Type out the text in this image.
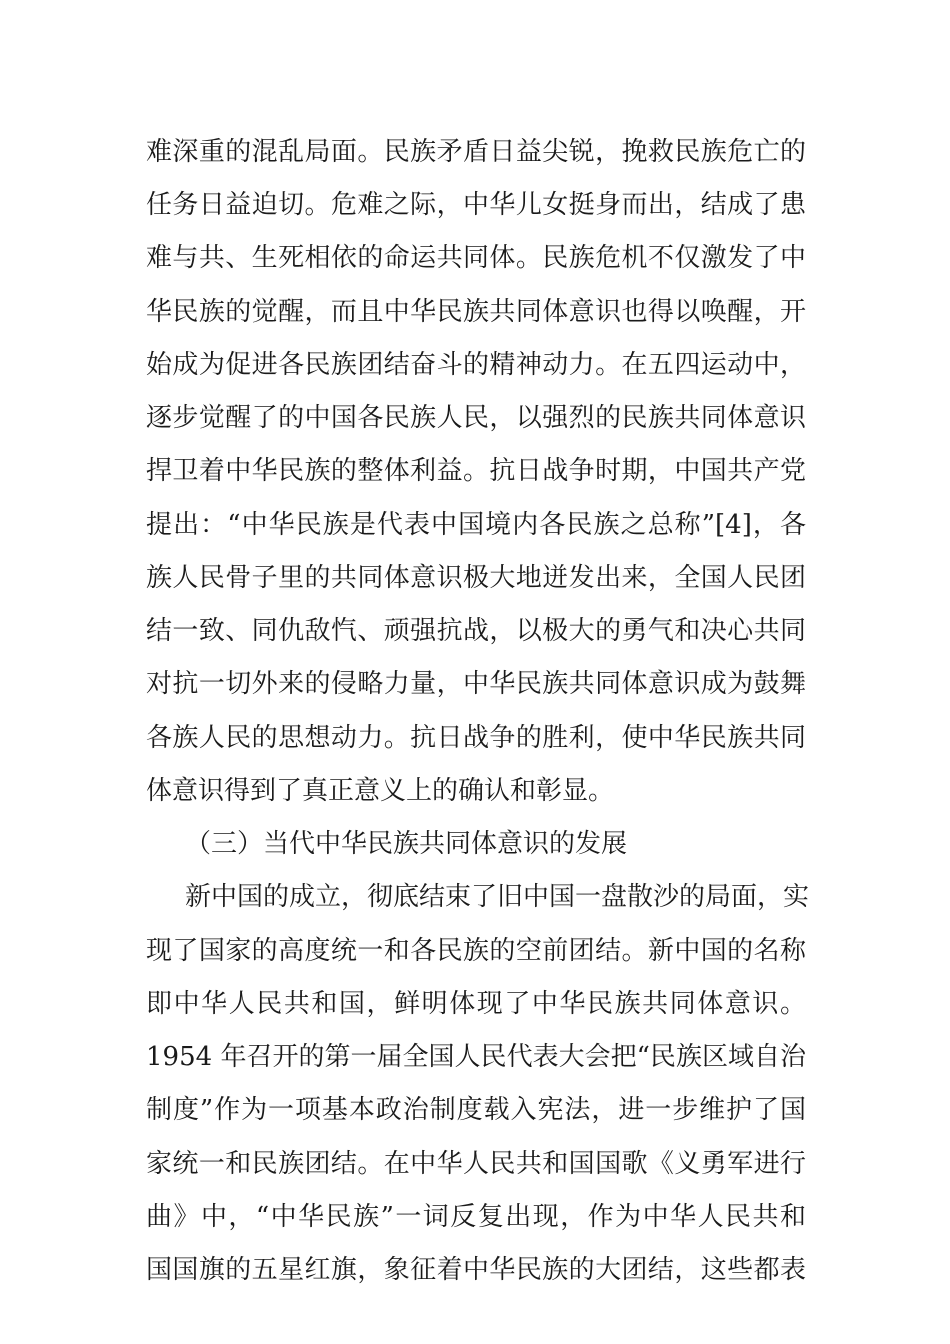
难深重的混乱局面。民族矛盾日益尖锐，挽救民族危亡的
任务日益迫切。危难之际，中华儿女挺身而出，结成了患
难与共、生死相依的命运共同体。民族危机不仅激发了中
华民族的觉醒，而且中华民族共同体意识也得以唤醒，开
始成为促进各民族团结奋斗的精神动力。在五四运动中，
逐步觉醒了的中国各民族人民，以强烈的民族共同体意识
捍卫着中华民族的整体利益。抗日战争时期，中国共产党
提出：“中华民族是代表中国境内各民族之总称”[4]，各
族人民骨子里的共同体意识极大地迸发出来，全国人民团
结一致、同仇敌忾、顽强抗战，以极大的勇气和决心共同
对抗一切外来的侵略力量，中华民族共同体意识成为鼓舞
各族人民的思想动力。抗日战争的胜利，使中华民族共同
体意识得到了真正意义上的确认和彰显。
（三）当代中华民族共同体意识的发展
新中国的成立，彻底结束了旧中国一盘散沙的局面，实
现了国家的高度统一和各民族的空前团结。新中国的名称
即中华人民共和国，鲜明体现了中华民族共同体意识。
1954 年召开的第一届全国人民代表大会把“民族区域自治
制度”作为一项基本政治制度载入宪法，进一步维护了国
家统一和民族团结。在中华人民共和国国歌《义勇军进行
曲》中，“中华民族”一词反复出现，作为中华人民共和
国国旗的五星红旗，象征着中华民族的大团结，这些都表
